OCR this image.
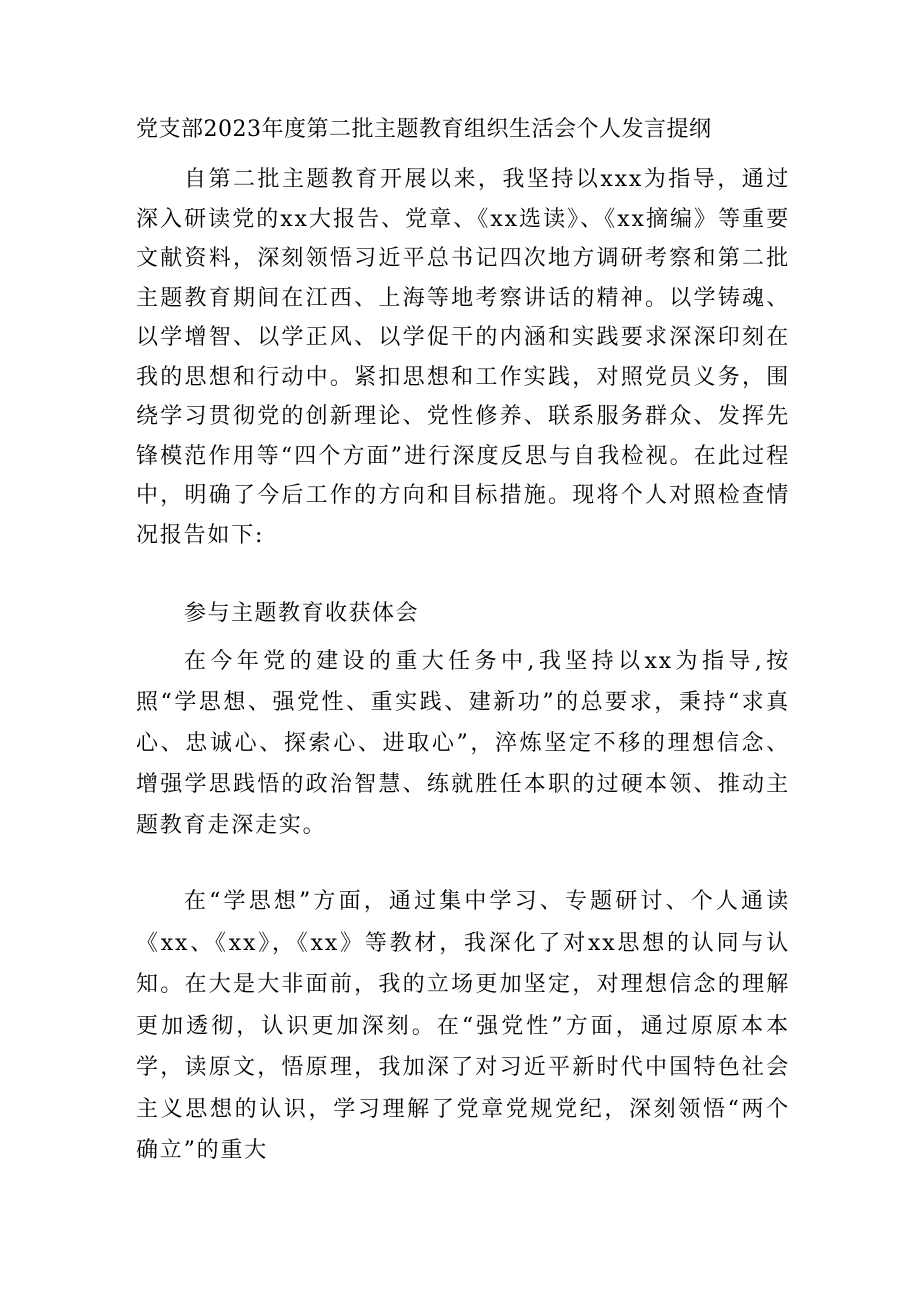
党支部2023年度第二批主题教育组织生活会个人发言提纲

自第二批主题教育开展以来，我坚持以xxx为指导，通过深入研读党的xx大报告、党章、《xx选读》、《xx摘编》等重要文献资料，深刻领悟习近平总书记四次地方调研考察和第二批主题教育期间在江西、上海等地考察讲话的精神。以学铸魂、以学增智、以学正风、以学促干的内涵和实践要求深深印刻在我的思想和行动中。紧扣思想和工作实践，对照党员义务，围绕学习贯彻党的创新理论、党性修养、联系服务群众、发挥先锋模范作用等“四个方面”进行深度反思与自我检视。在此过程中，明确了今后工作的方向和目标措施。现将个人对照检查情况报告如下:

参与主题教育收获体会

在今年党的建设的重大任务中,我坚持以xx为指导,按照“学思想、强党性、重实践、建新功”的总要求，秉持“求真心、忠诚心、探索心、进取心”，淬炼坚定不移的理想信念、增强学思践悟的政治智慧、练就胜任本职的过硬本领、推动主题教育走深走实。

在“学思想”方面，通过集中学习、专题研讨、个人通读《xx、《xx》，《xx》等教材，我深化了对xx思想的认同与认知。在大是大非面前，我的立场更加坚定，对理想信念的理解更加透彻，认识更加深刻。在“强党性”方面，通过原原本本学，读原文，悟原理，我加深了对习近平新时代中国特色社会主义思想的认识，学习理解了党章党规党纪，深刻领悟“两个确立”的重大
